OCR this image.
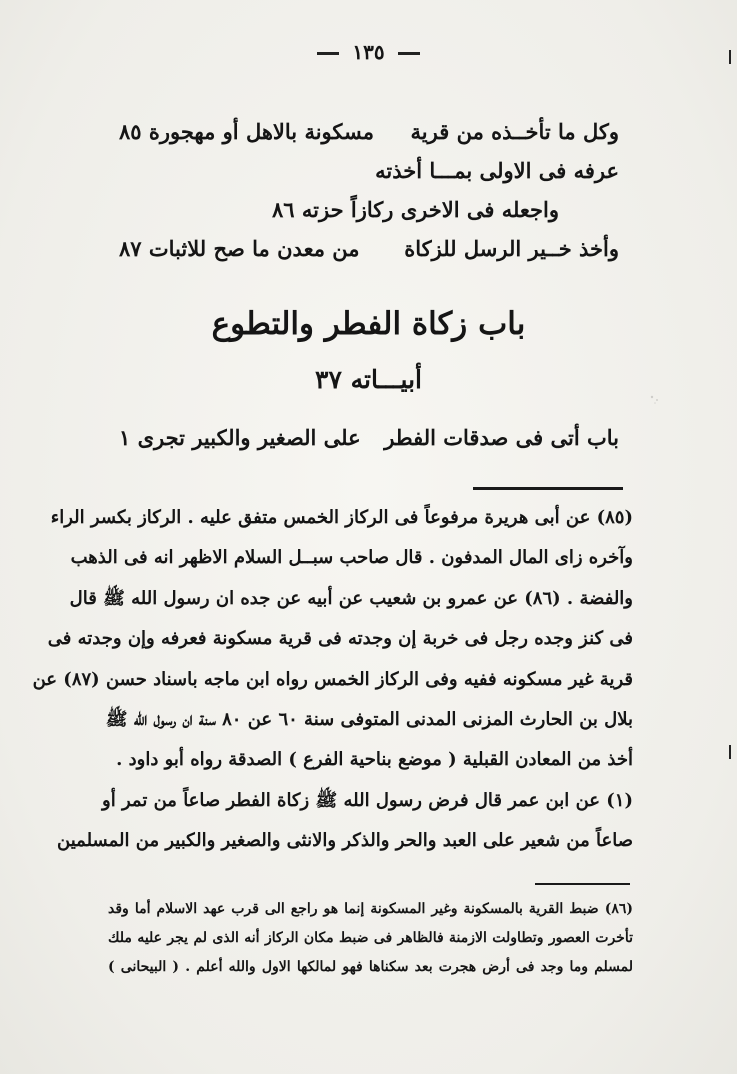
١٣٥
وكل ما تأخــذه من قرية
مسكونة بالاهل أو مهجورة ٨٥
عرفه فى الاولى بمـــا أخذته
واجعله فى الاخرى ركازاً حزته ٨٦
وأخذ خــير الرسل للزكاة
من معدن ما صح للاثبات ٨٧
باب زكاة الفطر والتطوع
أبيـــاته ٣٧
باب أتى فى صدقات الفطر
على الصغير والكبير تجرى ١
(٨٥) عن أبى هريرة مرفوعاً فى الركاز الخمس متفق عليه . الركاز بكسر الراء
وآخره زاى المال المدفون . قال صاحب سبــل السلام الاظهر انه فى الذهب
والفضة . (٨٦) عن عمرو بن شعيب عن أبيه عن جده ان رسول الله ﷺ قال
فى كنز وجده رجل فى خربة إن وجدته فى قرية مسكونة فعرفه وإن وجدته فى
قرية غير مسكونه ففيه وفى الركاز الخمس رواه ابن ماجه باسناد حسن (٨٧) عن
بلال بن الحارث المزنى المدنى المتوفى سنة ٦٠ عن ٨٠ سنة ان رسول الله ﷺ
أخذ من المعادن القبلية ( موضع بناحية الفرع ) الصدقة رواه أبو داود .
(١) عن ابن عمر قال فرض رسول الله ﷺ زكاة الفطر صاعاً من تمر أو
صاعاً من شعير على العبد والحر والذكر والانثى والصغير والكبير من المسلمين
(٨٦) ضبط القرية بالمسكونة وغير المسكونة إنما هو راجع الى قرب عهد الاسلام أما وقد
تأخرت العصور وتطاولت الازمنة فالظاهر فى ضبط مكان الركاز أنه الذى لم يجر عليه ملك
لمسلم وما وجد فى أرض هجرت بعد سكناها فهو لمالكها الاول والله أعلم . ( البيحانى )
